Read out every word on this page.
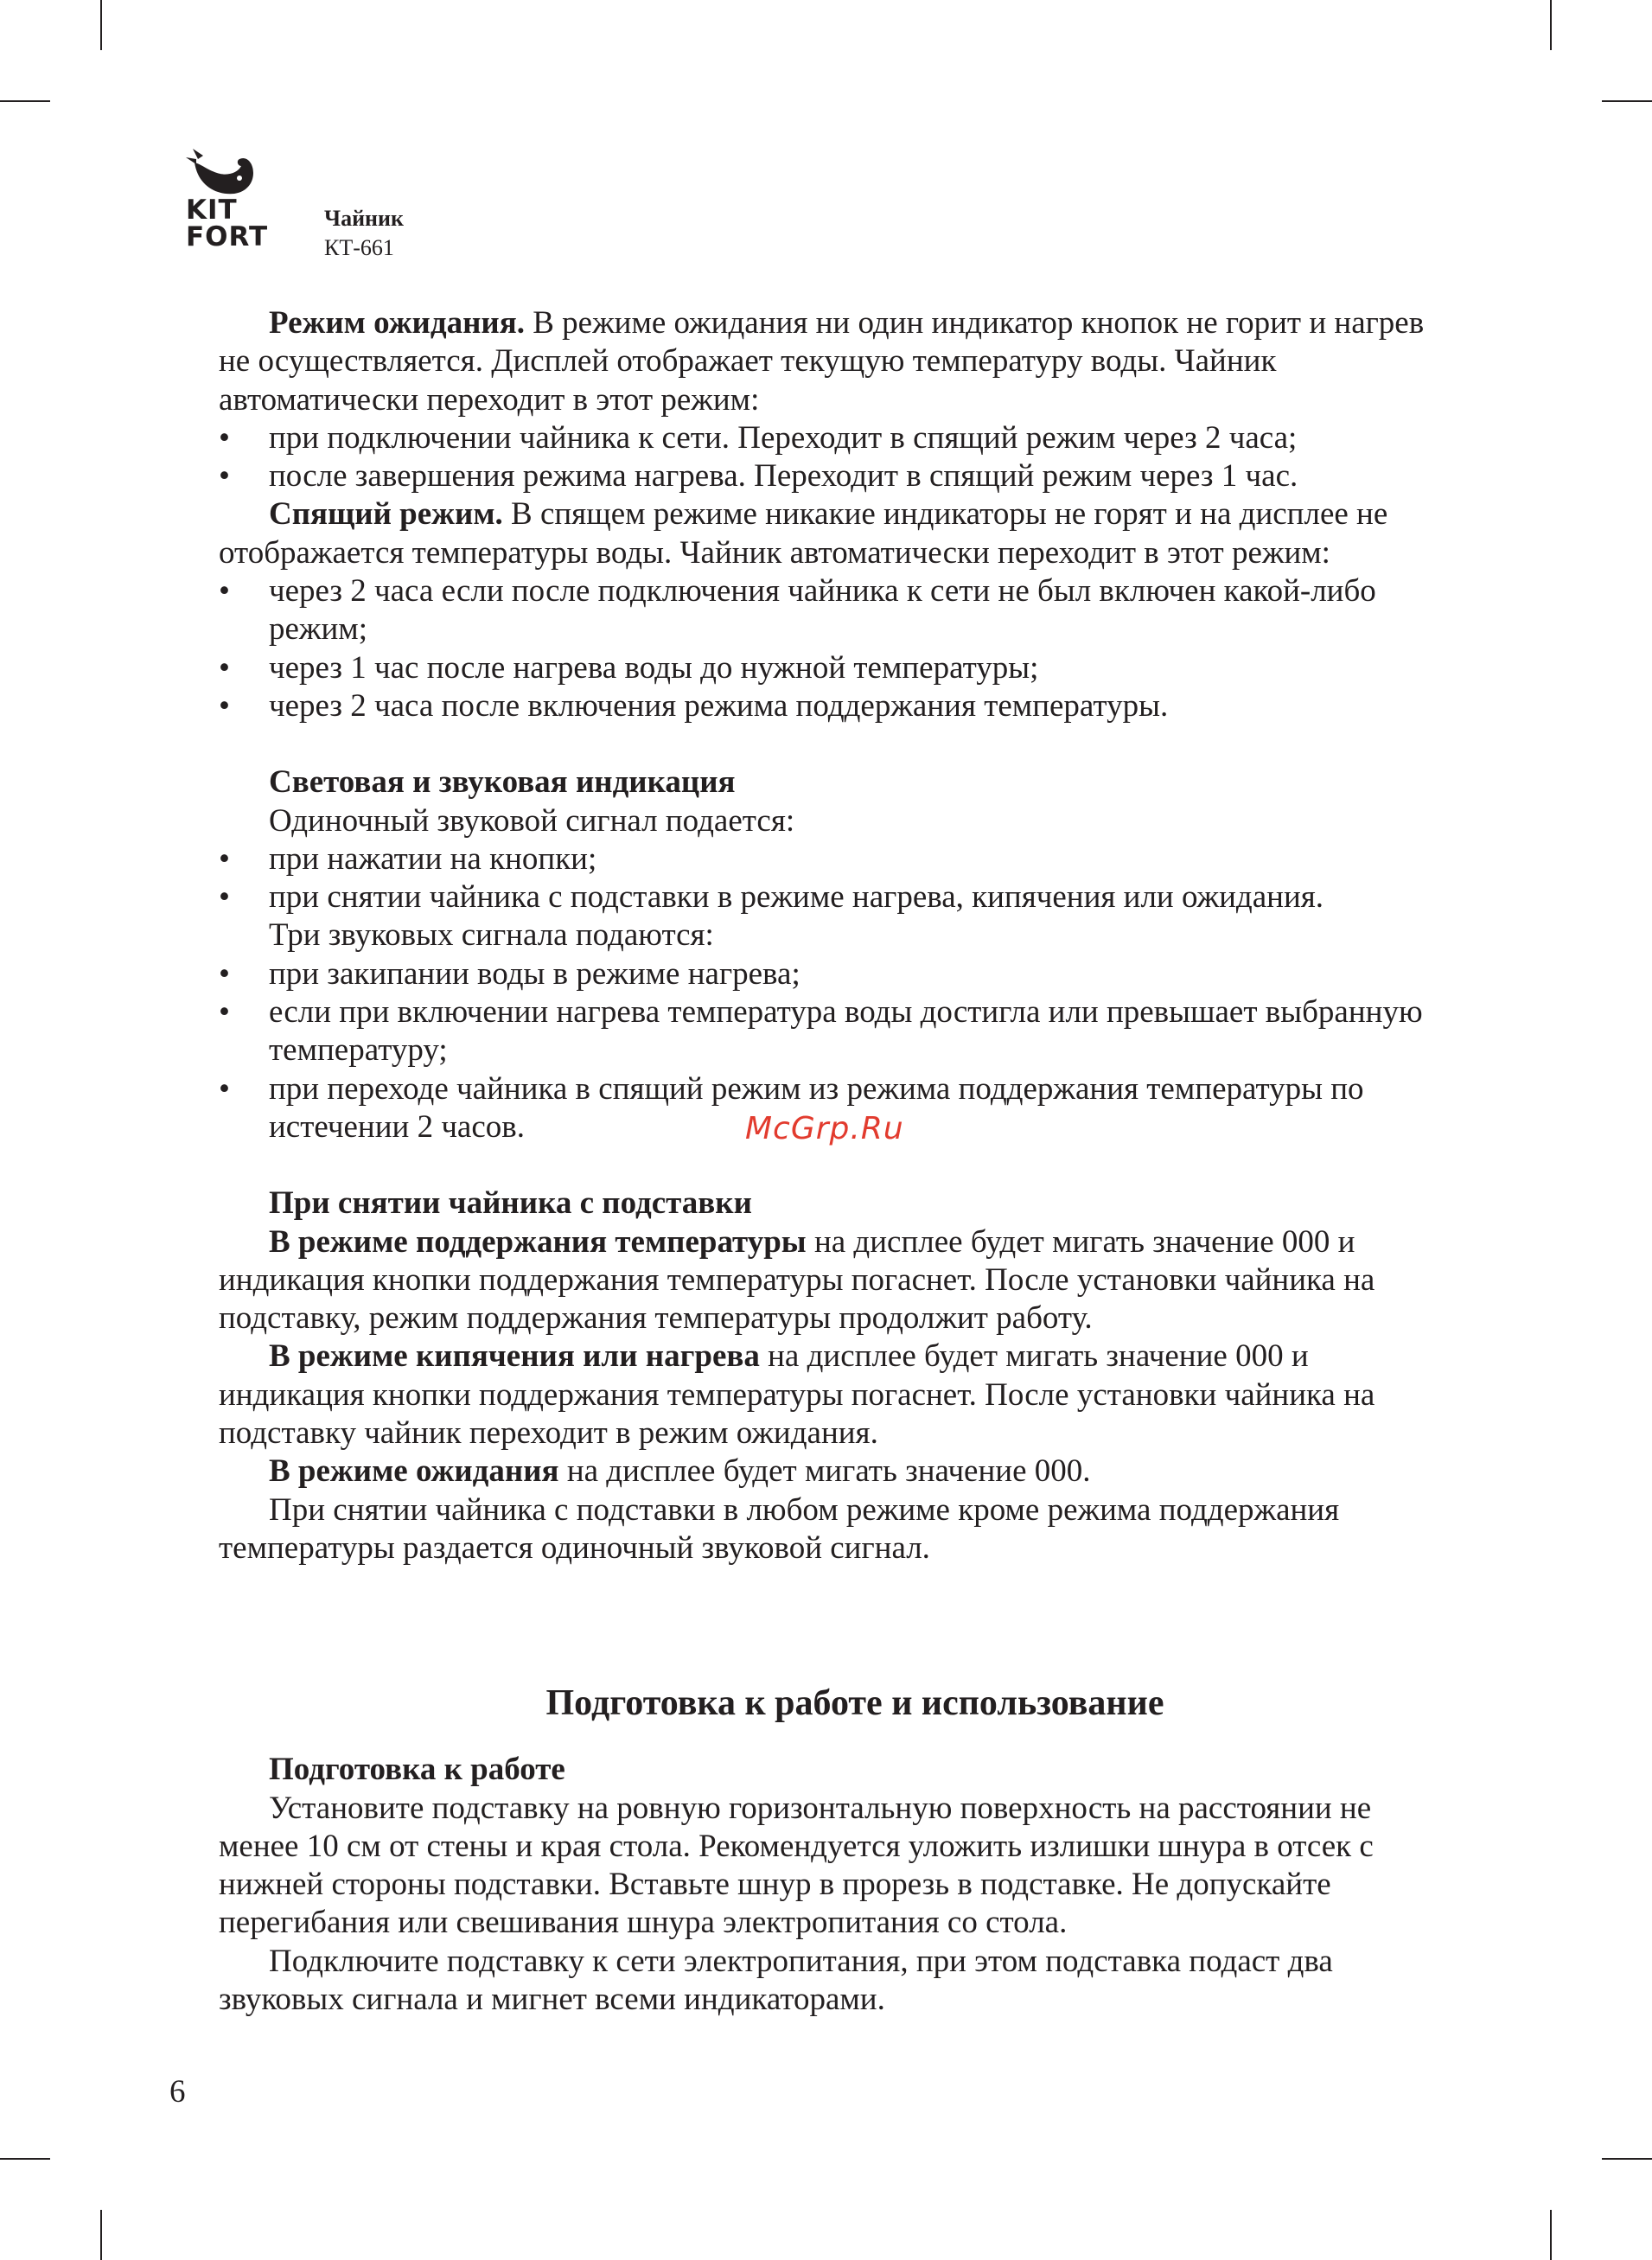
KIT
FORT
Чайник
КТ-661

Режим ожидания. В режиме ожидания ни один индикатор кнопок не горит и нагрев не осуществляется. Дисплей отображает текущую температуру воды. Чайник автоматически переходит в этот режим:

• при подключении чайника к сети. Переходит в спящий режим через 2 часа;
• после завершения режима нагрева. Переходит в спящий режим через 1 час.

Спящий режим. В спящем режиме никакие индикаторы не горят и на дисплее не отображается температуры воды. Чайник автоматически переходит в этот режим:

• через 2 часа если после подключения чайника к сети не был включен какой-либо режим;
• через 1 час после нагрева воды до нужной температуры;
• через 2 часа после включения режима поддержания температуры.

Световая и звуковая индикация

Одиночный звуковой сигнал подается:

• при нажатии на кнопки;
• при снятии чайника с подставки в режиме нагрева, кипячения или ожидания.

Три звуковых сигнала подаются:

• при закипании воды в режиме нагрева;
• если при включении нагрева температура воды достигла или превышает выбранную температуру;
• при переходе чайника в спящий режим из режима поддержания температуры по истечении 2 часов.

При снятии чайника с подставки

В режиме поддержания температуры на дисплее будет мигать значение 000 и индикация кнопки поддержания температуры погаснет. После установки чайника на подставку, режим поддержания температуры продолжит работу.

В режиме кипячения или нагрева на дисплее будет мигать значение 000 и индикация кнопки поддержания температуры погаснет. После установки чайника на подставку чайник переходит в режим ожидания.

В режиме ожидания на дисплее будет мигать значение 000.

При снятии чайника с подставки в любом режиме кроме режима поддержания температуры раздается одиночный звуковой сигнал.

Подготовка к работе и использование

Подготовка к работе

Установите подставку на ровную горизонтальную поверхность на расстоянии не менее 10 см от стены и края стола. Рекомендуется уложить излишки шнура в отсек с нижней стороны подставки. Вставьте шнур в прорезь в подставке. Не допускайте перегибания или свешивания шнура электропитания со стола.

Подключите подставку к сети электропитания, при этом подставка подаст два звуковых сигнала и мигнет всеми индикаторами.

McGrp.Ru
6
